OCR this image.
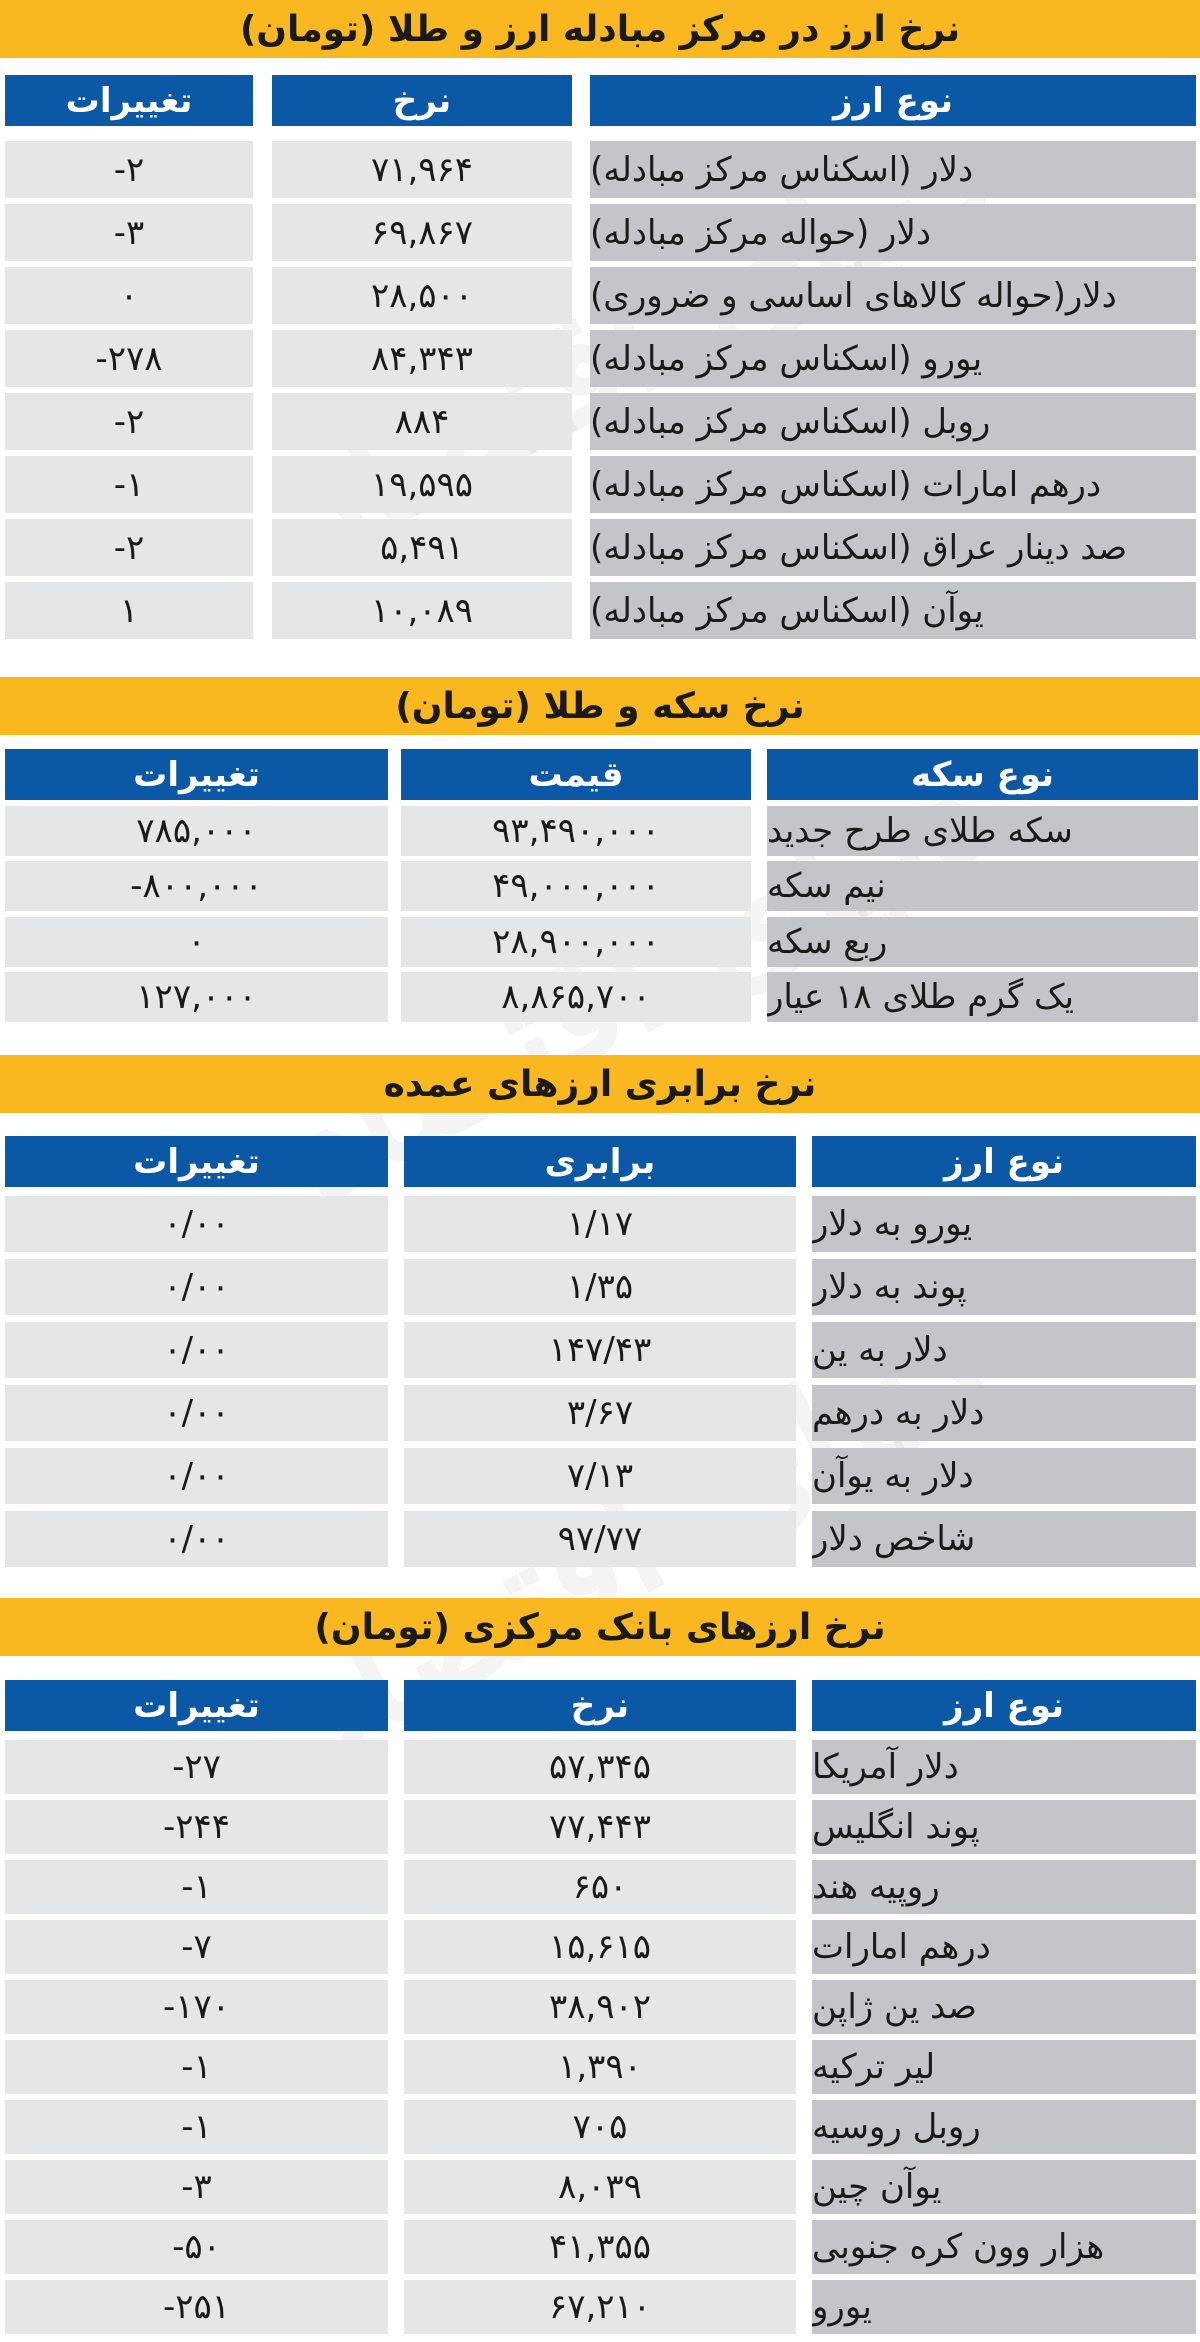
نرخ ارز در مرکز مبادله ارز و طلا (تومان)
تغییرات	نرخ	نوع ارز
-۲	۷۱,۹۶۴	دلار (اسکناس مرکز مبادله)
-۳	۶۹,۸۶۷	دلار (حواله مرکز مبادله)
۰	۲۸,۵۰۰	دلار(حواله کالاهای اساسی و ضروری)
-۲۷۸	۸۴,۳۴۳	یورو (اسکناس مرکز مبادله)
-۲	۸۸۴	روبل (اسکناس مرکز مبادله)
-۱	۱۹,۵۹۵	درهم امارات (اسکناس مرکز مبادله)
-۲	۵,۴۹۱	صد دینار عراق (اسکناس مرکز مبادله)
۱	۱۰,۰۸۹	یوآن (اسکناس مرکز مبادله)
نرخ سکه و طلا (تومان)
تغییرات	قیمت	نوع سکه
۷۸۵,۰۰۰	۹۳,۴۹۰,۰۰۰	سکه طلای طرح جدید
-۸۰۰,۰۰۰	۴۹,۰۰۰,۰۰۰	نیم سکه
۰	۲۸,۹۰۰,۰۰۰	ربع سکه
۱۲۷,۰۰۰	۸,۸۶۵,۷۰۰	یک گرم طلای ۱۸ عیار
نرخ برابری ارزهای عمده
تغییرات	برابری	نوع ارز
۰/۰۰	۱/۱۷	یورو به دلار
۰/۰۰	۱/۳۵	پوند به دلار
۰/۰۰	۱۴۷/۴۳	دلار به ین
۰/۰۰	۳/۶۷	دلار به درهم
۰/۰۰	۷/۱۳	دلار به یوآن
۰/۰۰	۹۷/۷۷	شاخص دلار
نرخ ارزهای بانک مرکزی (تومان)
تغییرات	نرخ	نوع ارز
-۲۷	۵۷,۳۴۵	دلار آمریکا
-۲۴۴	۷۷,۴۴۳	پوند انگلیس
-۱	۶۵۰	روپیه هند
-۷	۱۵,۶۱۵	درهم امارات
-۱۷۰	۳۸,۹۰۲	صد ین ژاپن
-۱	۱,۳۹۰	لیر ترکیه
-۱	۷۰۵	روبل روسیه
-۳	۸,۰۳۹	یوآن چین
-۵۰	۴۱,۳۵۵	هزار وون کره جنوبی
-۲۵۱	۶۷,۲۱۰	یورو
